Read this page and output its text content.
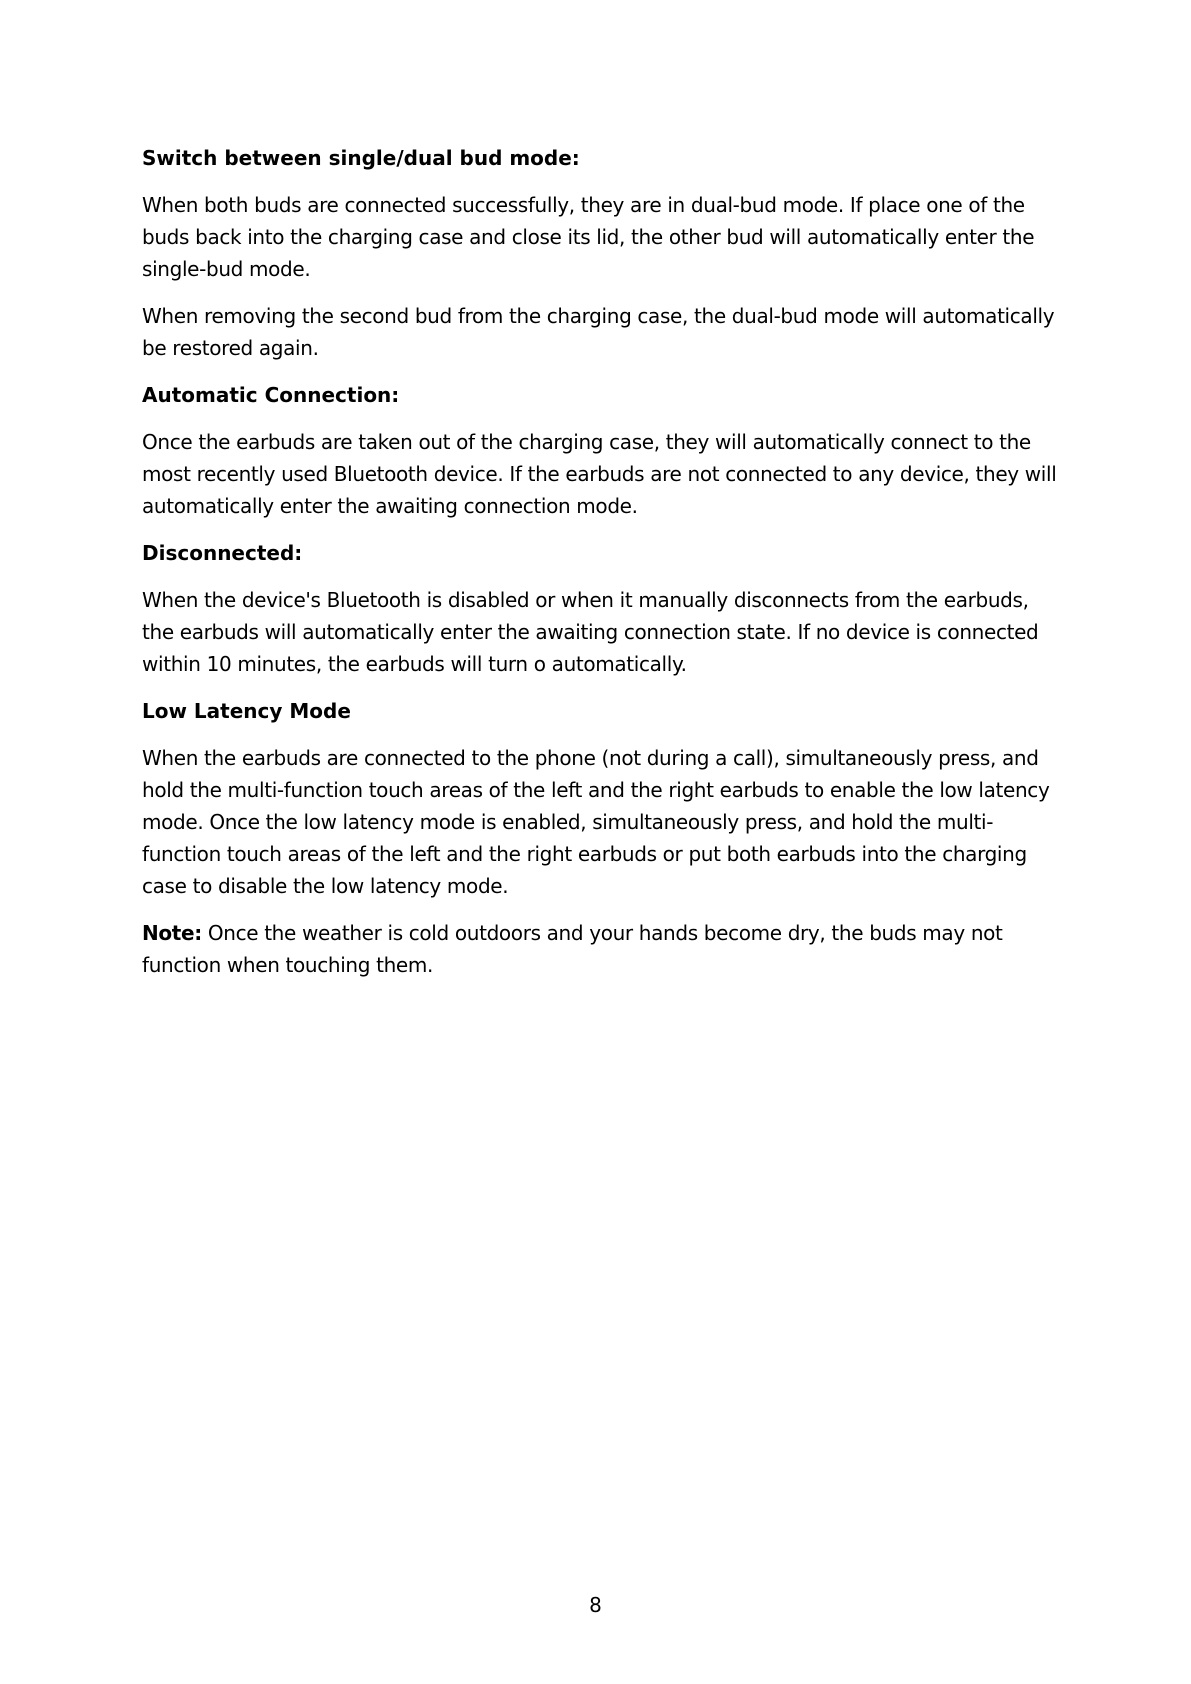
Switch between single/dual bud mode:
When both buds are connected successfully, they are in dual-bud mode. If place one of the buds back into the charging case and close its lid, the other bud will automatically enter the single-bud mode.
When removing the second bud from the charging case, the dual-bud mode will automatically be restored again.
Automatic Connection:
Once the earbuds are taken out of the charging case, they will automatically connect to the most recently used Bluetooth device. If the earbuds are not connected to any device, they will automatically enter the awaiting connection mode.
Disconnected:
When the device's Bluetooth is disabled or when it manually disconnects from the earbuds, the earbuds will automatically enter the awaiting connection state. If no device is connected within 10 minutes, the earbuds will turn o automatically.
Low Latency Mode
When the earbuds are connected to the phone (not during a call), simultaneously press, and hold the multi-function touch areas of the left and the right earbuds to enable the low latency mode. Once the low latency mode is enabled, simultaneously press, and hold the multi-function touch areas of the left and the right earbuds or put both earbuds into the charging case to disable the low latency mode.
Note: Once the weather is cold outdoors and your hands become dry, the buds may not function when touching them.
8
